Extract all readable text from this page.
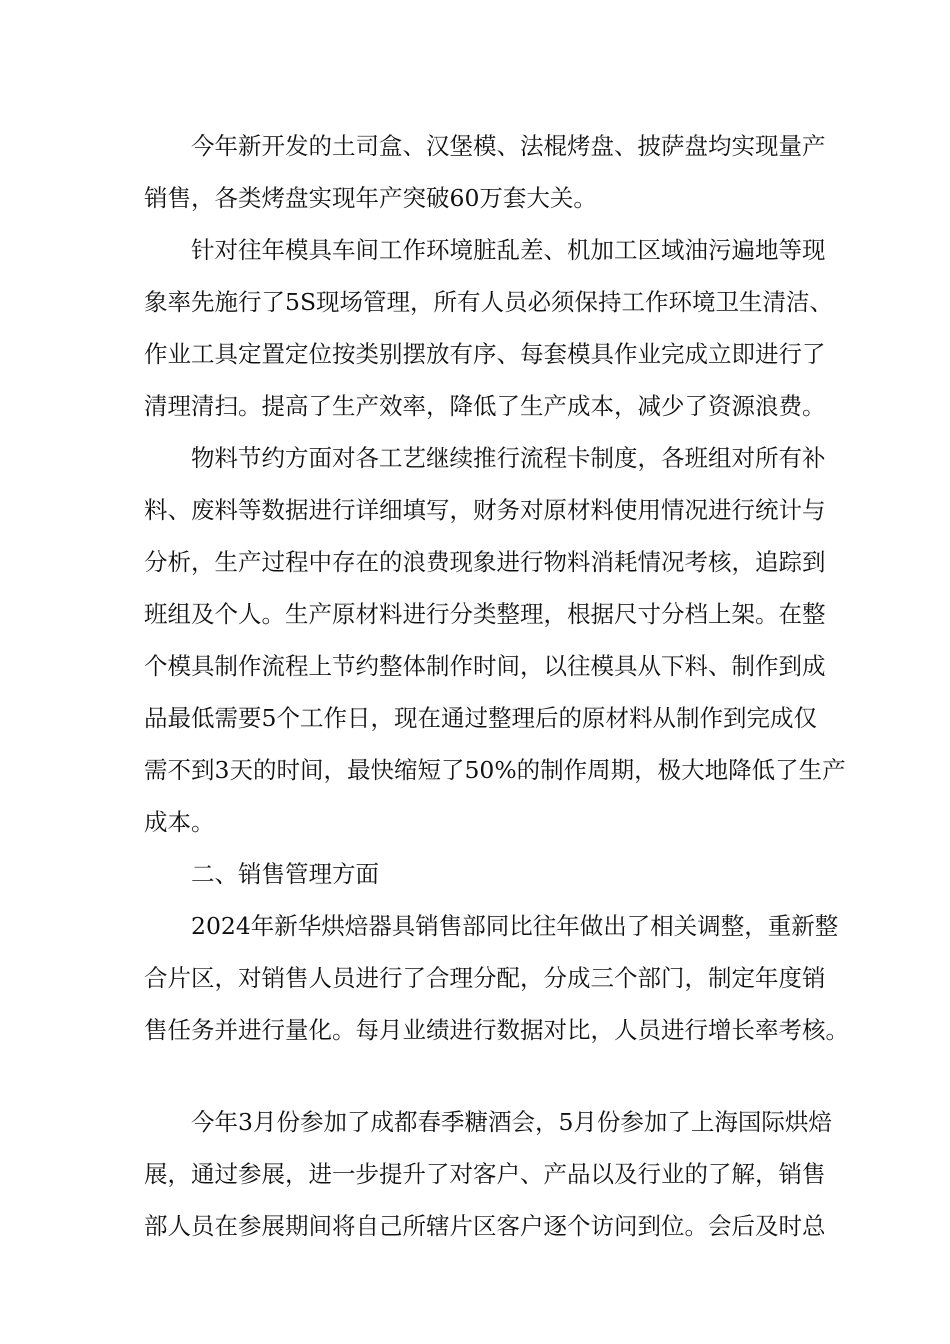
今年新开发的土司盒、汉堡模、法棍烤盘、披萨盘均实现量产

销售，各类烤盘实现年产突破60万套大关。

针对往年模具车间工作环境脏乱差、机加工区域油污遍地等现

象率先施行了5S现场管理，所有人员必须保持工作环境卫生清洁、

作业工具定置定位按类别摆放有序、每套模具作业完成立即进行了

清理清扫。提高了生产效率，降低了生产成本，减少了资源浪费。

物料节约方面对各工艺继续推行流程卡制度，各班组对所有补

料、废料等数据进行详细填写，财务对原材料使用情况进行统计与

分析，生产过程中存在的浪费现象进行物料消耗情况考核，追踪到

班组及个人。生产原材料进行分类整理，根据尺寸分档上架。在整

个模具制作流程上节约整体制作时间，以往模具从下料、制作到成

品最低需要5个工作日，现在通过整理后的原材料从制作到完成仅

需不到3天的时间，最快缩短了50%的制作周期，极大地降低了生产

成本。

二、销售管理方面

2024年新华烘焙器具销售部同比往年做出了相关调整，重新整

合片区，对销售人员进行了合理分配，分成三个部门，制定年度销

售任务并进行量化。每月业绩进行数据对比，人员进行增长率考核。

今年3月份参加了成都春季糖酒会，5月份参加了上海国际烘焙

展，通过参展，进一步提升了对客户、产品以及行业的了解，销售

部人员在参展期间将自己所辖片区客户逐个访问到位。会后及时总
